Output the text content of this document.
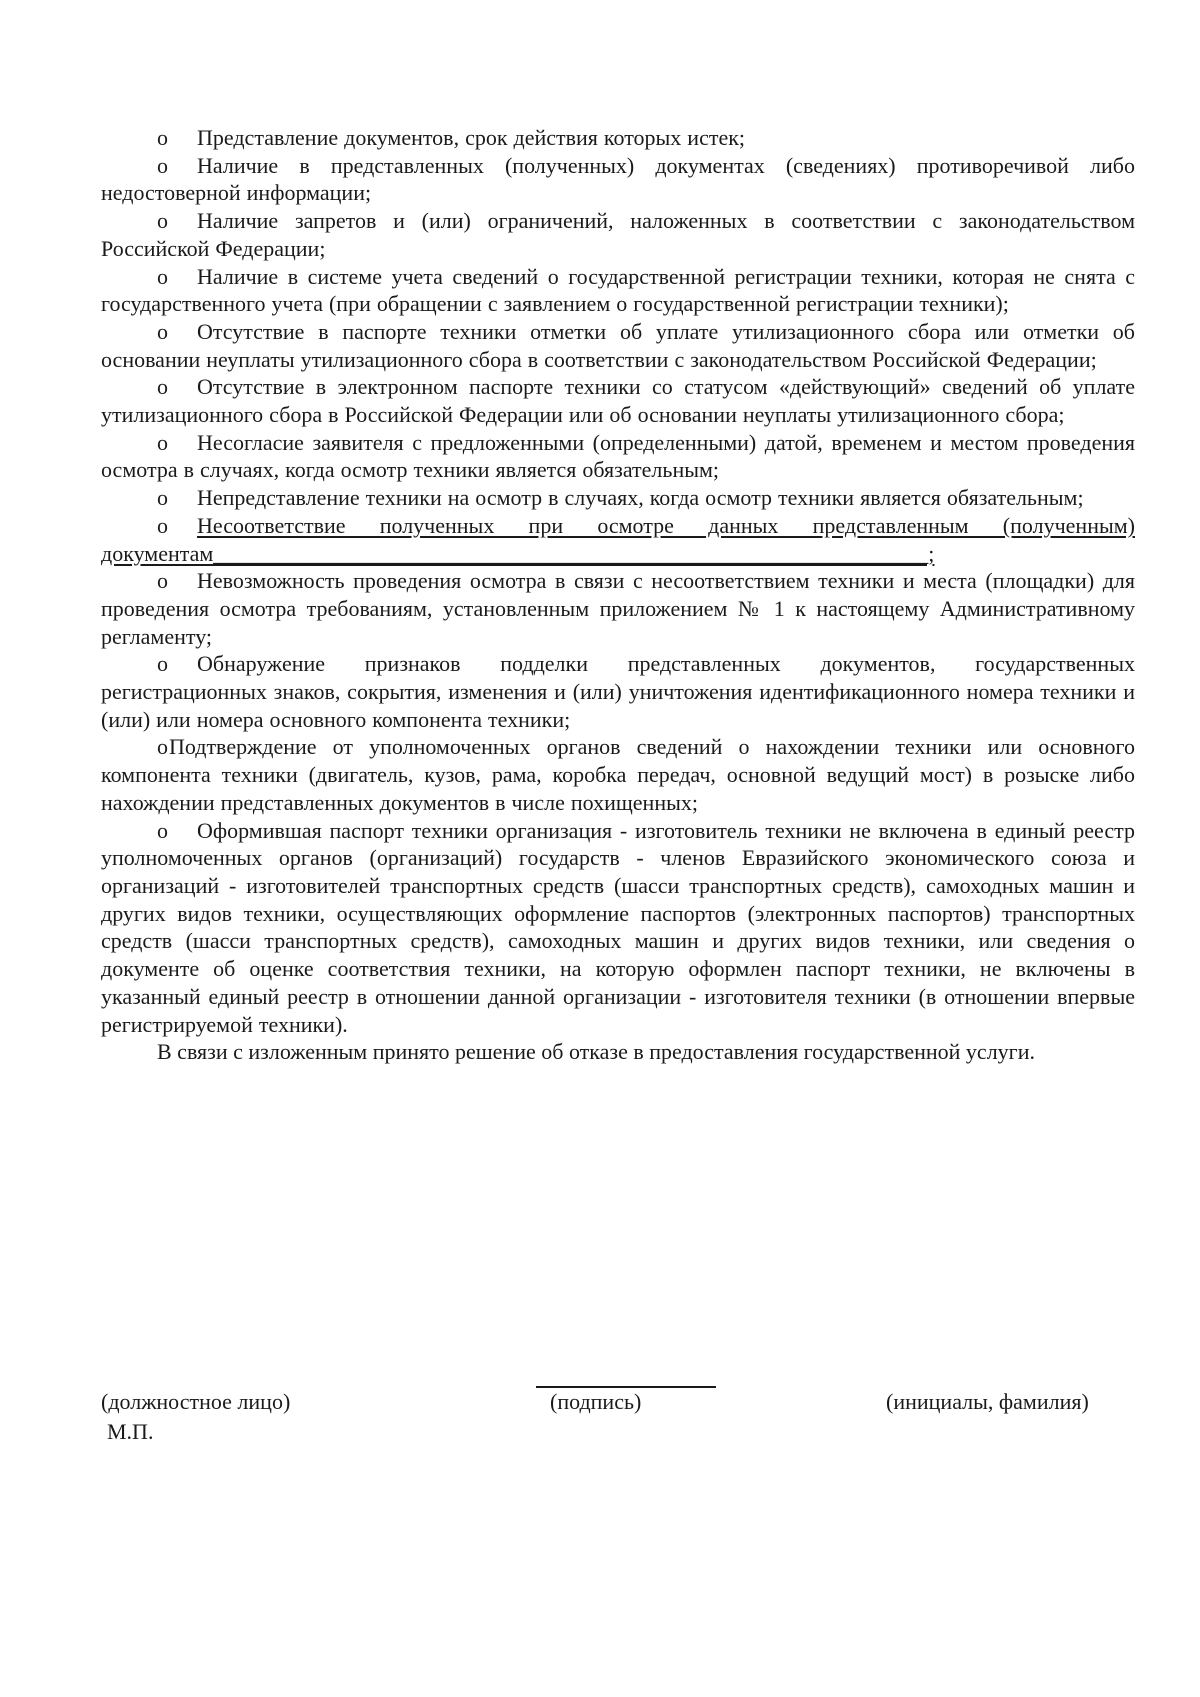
o Представление документов, срок действия которых истек;

o Наличие в представленных (полученных) документах (сведениях) противоречивой либо недостоверной информации;

o Наличие запретов и (или) ограничений, наложенных в соответствии с законодательством Российской Федерации;

o Наличие в системе учета сведений о государственной регистрации техники, которая не снята с государственного учета (при обращении с заявлением о государственной регистрации техники);

o Отсутствие в паспорте техники отметки об уплате утилизационного сбора или отметки об основании неуплаты утилизационного сбора в соответствии с законодательством Российской Федерации;

o Отсутствие в электронном паспорте техники со статусом «действующий» сведений об уплате утилизационного сбора в Российской Федерации или об основании неуплаты утилизационного сбора;

o Несогласие заявителя с предложенными (определенными) датой, временем и местом проведения осмотра в случаях, когда осмотр техники является обязательным;

o Непредставление техники на осмотр в случаях, когда осмотр техники является обязательным;

o Несоответствие полученных при осмотре данных представленным (полученным) документам_________________________________________________________________;

o Невозможность проведения осмотра в связи с несоответствием техники и места (площадки) для проведения осмотра требованиям, установленным приложением № 1 к настоящему Административному регламенту;

o Обнаружение признаков подделки представленных документов, государственных регистрационных знаков, сокрытия, изменения и (или) уничтожения идентификационного номера техники и (или) или номера основного компонента техники;

oПодтверждение от уполномоченных органов сведений о нахождении техники или основного компонента техники (двигатель, кузов, рама, коробка передач, основной ведущий мост) в розыске либо нахождении представленных документов в числе похищенных;

o Оформившая паспорт техники организация - изготовитель техники не включена в единый реестр уполномоченных органов (организаций) государств - членов Евразийского экономического союза и организаций - изготовителей транспортных средств (шасси транспортных средств), самоходных машин и других видов техники, осуществляющих оформление паспортов (электронных паспортов) транспортных средств (шасси транспортных средств), самоходных машин и других видов техники, или сведения о документе об оценке соответствия техники, на которую оформлен паспорт техники, не включены в указанный единый реестр в отношении данной организации - изготовителя техники (в отношении впервые регистрируемой техники).

В связи с изложенным принято решение об отказе в предоставления государственной услуги.

(должностное лицо)	(подпись)	(инициалы, фамилия)
М.П.
